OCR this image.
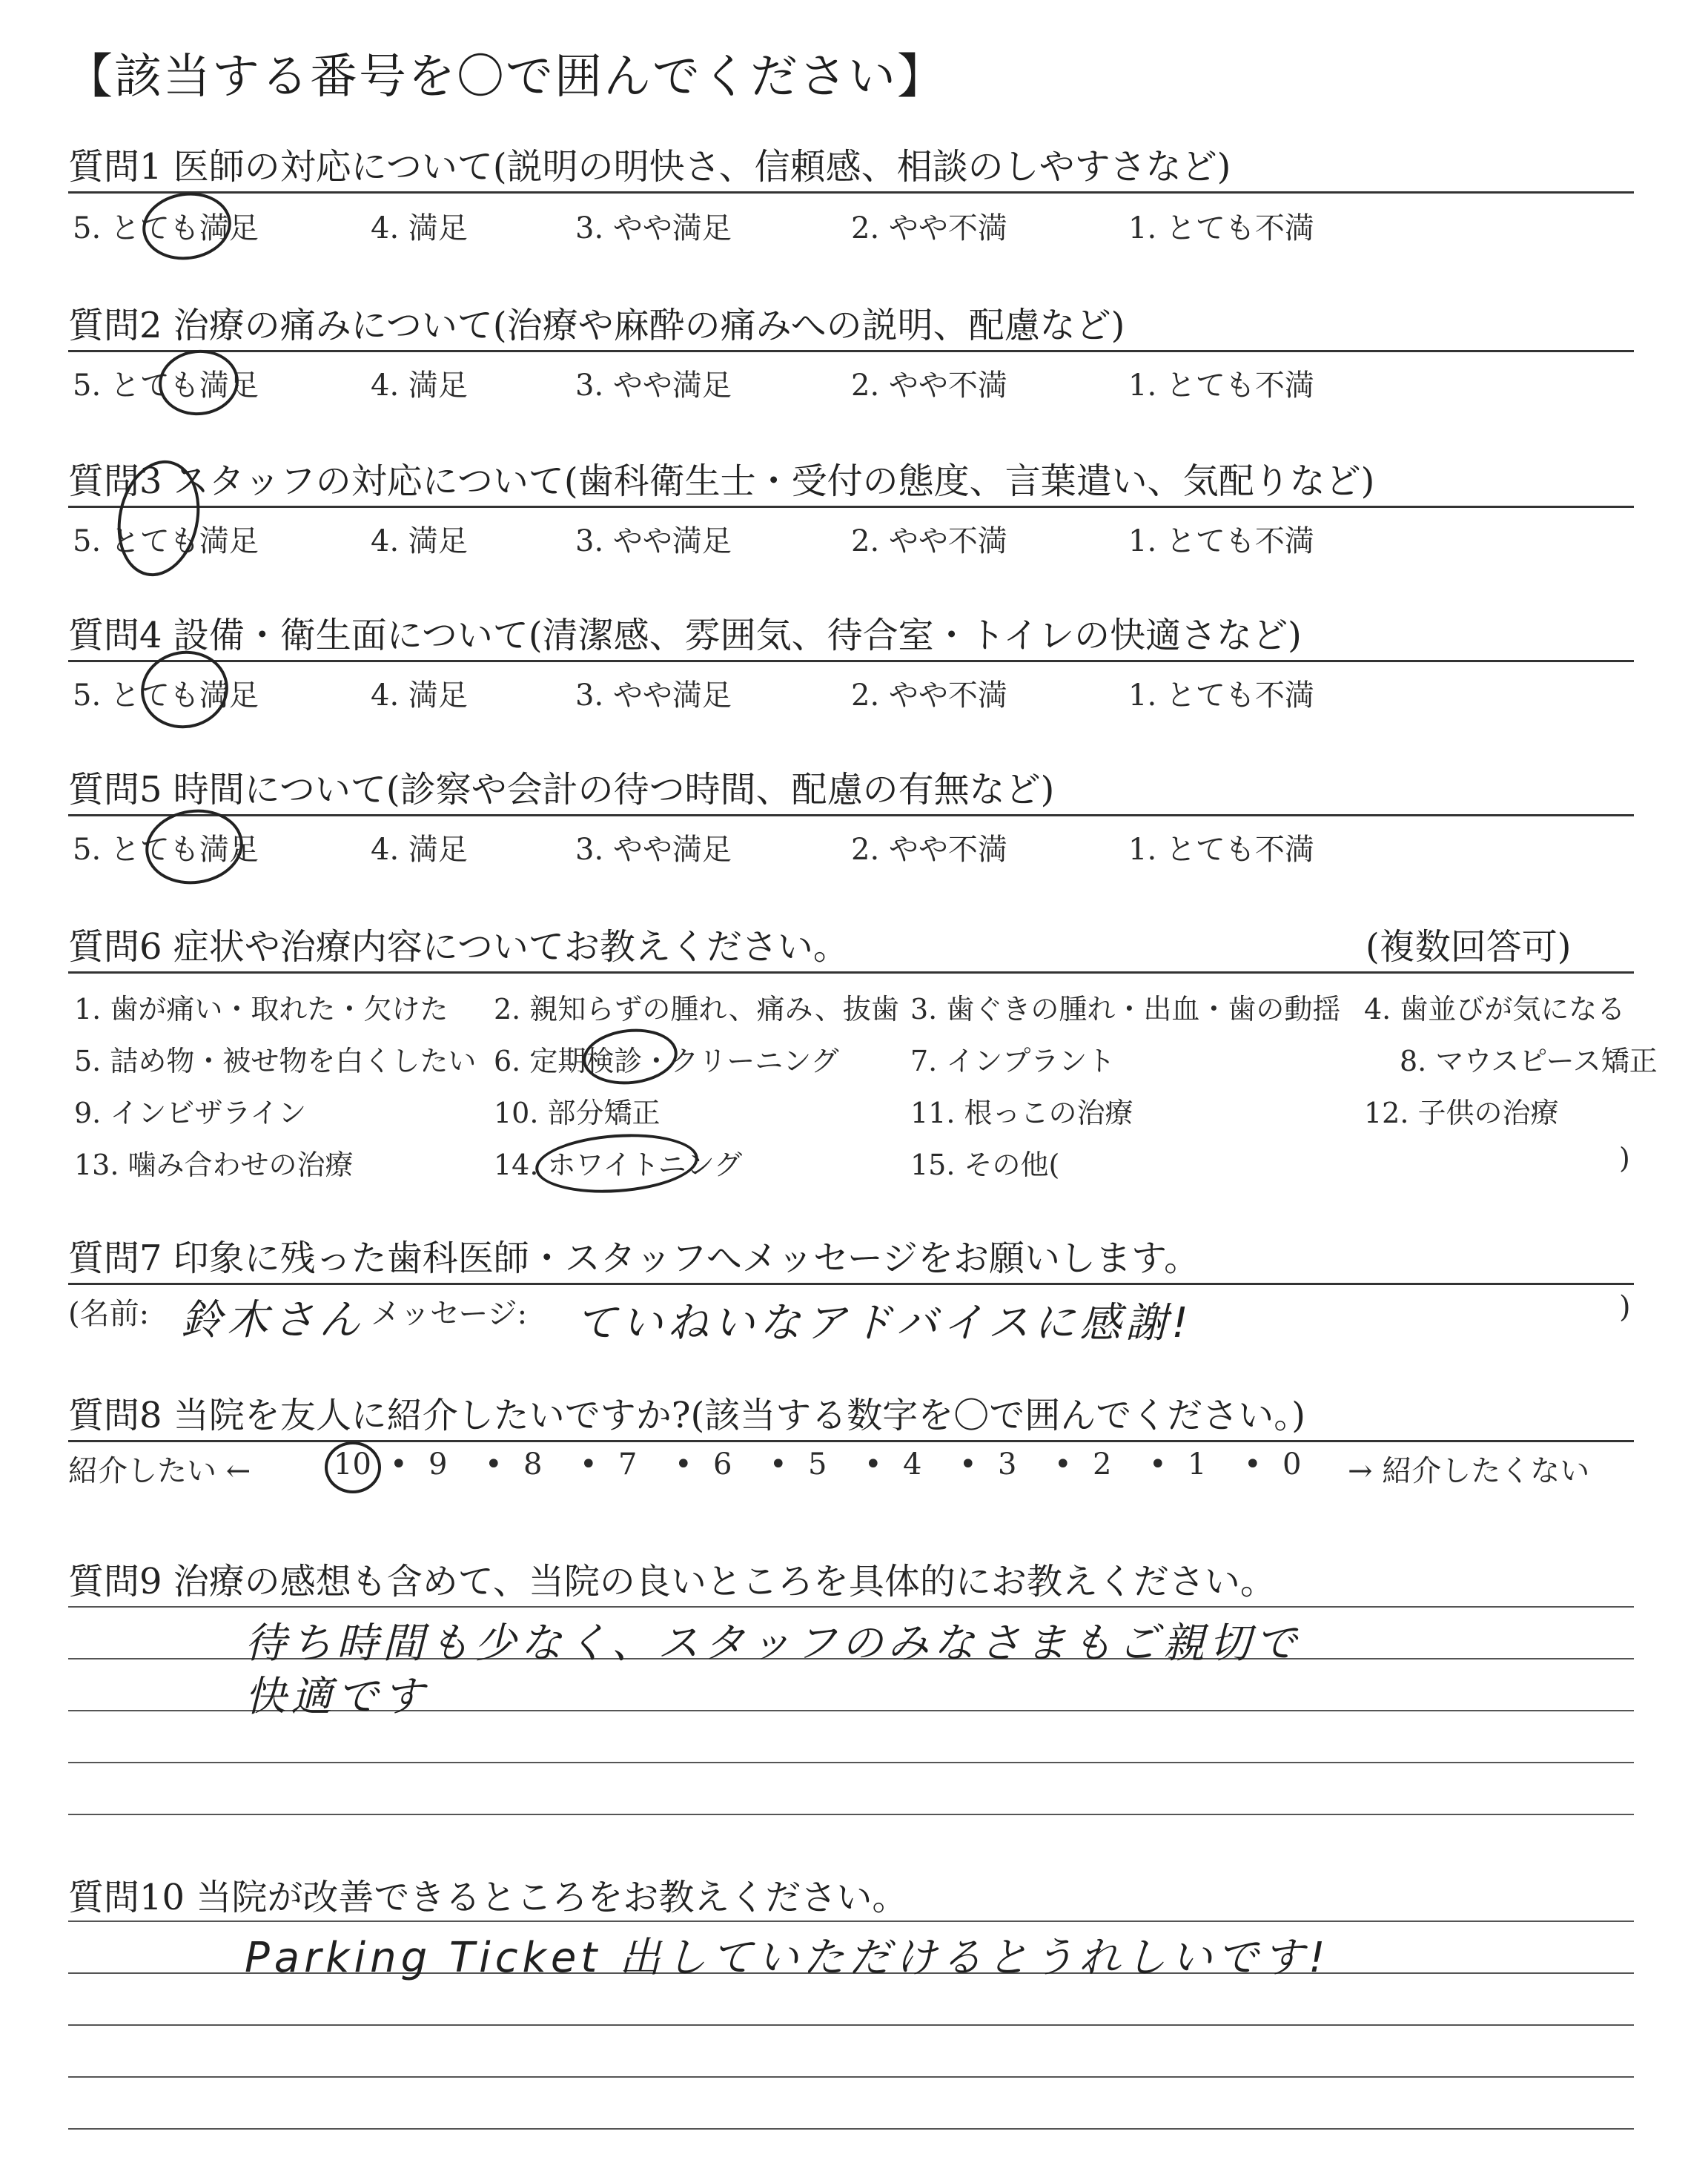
【該当する番号を〇で囲んでください】
質問1 医師の対応について(説明の明快さ、信頼感、相談のしやすさなど)
5. とても満足	4. 満足	3. やや満足	2. やや不満	1. とても不満
質問2 治療の痛みについて(治療や麻酔の痛みへの説明、配慮など)
5. とても満足	4. 満足	3. やや満足	2. やや不満	1. とても不満
質問3 スタッフの対応について(歯科衛生士・受付の態度、言葉遣い、気配りなど)
5. とても満足	4. 満足	3. やや満足	2. やや不満	1. とても不満
質問4 設備・衛生面について(清潔感、雰囲気、待合室・トイレの快適さなど)
5. とても満足	4. 満足	3. やや満足	2. やや不満	1. とても不満
質問5 時間について(診察や会計の待つ時間、配慮の有無など)
5. とても満足	4. 満足	3. やや満足	2. やや不満	1. とても不満
質問6 症状や治療内容についてお教えください。	(複数回答可)
1. 歯が痛い・取れた・欠けた 2. 親知らずの腫れ、痛み、抜歯 3. 歯ぐきの腫れ・出血・歯の動揺 4. 歯並びが気になる
5. 詰め物・被せ物を白くしたい 6. 定期検診・クリーニング	7. インプラント	8. マウスピース矯正
9. インビザライン	10. 部分矯正	11. 根っこの治療	12. 子供の治療
13. 噛み合わせの治療	14. ホワイトニング	15. その他(	)
質問7 印象に残った歯科医師・スタッフへメッセージをお願いします。
(名前: 鈴木さん メッセージ: ていねいなアドバイスに感謝!	)
質問8 当院を友人に紹介したいですか?(該当する数字を〇で囲んでください。)
紹介したい ←	10 • 9 • 8 • 7 • 6 • 5 • 4 • 3 • 2 • 1 • 0 → 紹介したくない
質問9 治療の感想も含めて、当院の良いところを具体的にお教えください。
待ち時間も少なく、スタッフのみなさまもご親切で
快適です
質問10 当院が改善できるところをお教えください。
Parking Ticket 出していただけるとうれしいです!
